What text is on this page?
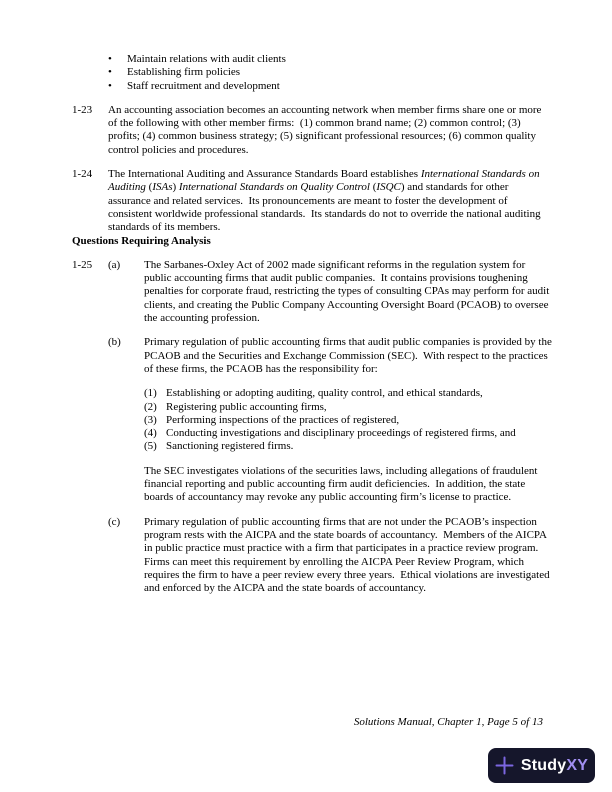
•
Maintain relations with audit clients
•
Establishing firm policies
•
Staff recruitment and development
1-23	An accounting association becomes an accounting network when member firms share one or more of the following with other member firms:  (1) common brand name; (2) common control; (3) profits; (4) common business strategy; (5) significant professional resources; (6) common quality control policies and procedures.
1-24	The International Auditing and Assurance Standards Board establishes International Standards on Auditing (ISAs) International Standards on Quality Control (ISQC) and standards for other assurance and related services.  Its pronouncements are meant to foster the development of consistent worldwide professional standards.  Its standards do not to override the national auditing standards of its members.
Questions Requiring Analysis
1-25	(a)	The Sarbanes-Oxley Act of 2002 made significant reforms in the regulation system for public accounting firms that audit public companies.  It contains provisions toughening penalties for corporate fraud, restricting the types of consulting CPAs may perform for audit clients, and creating the Public Company Accounting Oversight Board (PCAOB) to oversee the accounting profession.
(b)	Primary regulation of public accounting firms that audit public companies is provided by the PCAOB and the Securities and Exchange Commission (SEC).  With respect to the practices of these firms, the PCAOB has the responsibility for:
(1) Establishing or adopting auditing, quality control, and ethical standards,
(2) Registering public accounting firms,
(3) Performing inspections of the practices of registered,
(4) Conducting investigations and disciplinary proceedings of registered firms, and
(5) Sanctioning registered firms.
The SEC investigates violations of the securities laws, including allegations of fraudulent financial reporting and public accounting firm audit deficiencies.  In addition, the state boards of accountancy may revoke any public accounting firm’s license to practice.
(c)	Primary regulation of public accounting firms that are not under the PCAOB’s inspection program rests with the AICPA and the state boards of accountancy.  Members of the AICPA in public practice must practice with a firm that participates in a practice review program.  Firms can meet this requirement by enrolling the AICPA Peer Review Program, which requires the firm to have a peer review every three years.  Ethical violations are investigated and enforced by the AICPA and the state boards of accountancy.
Solutions Manual, Chapter 1, Page 5 of 13
StudyXY
